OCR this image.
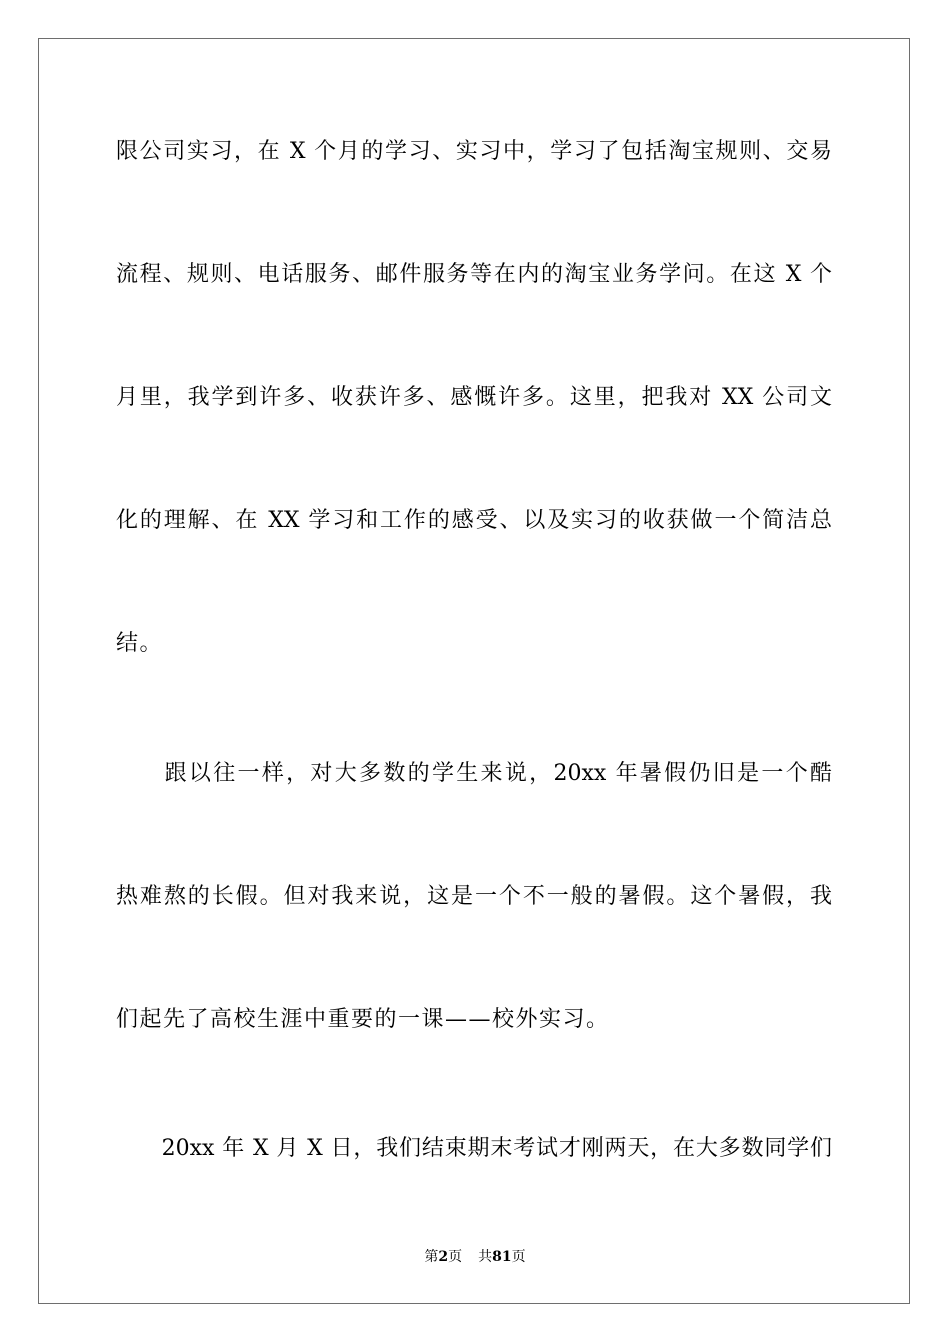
限公司实习，在 X 个月的学习、实习中，学习了包括淘宝规则、交易
流程、规则、电话服务、邮件服务等在内的淘宝业务学问。在这 X 个
月里，我学到许多、收获许多、感慨许多。这里，把我对 XX 公司文
化的理解、在 XX 学习和工作的感受、以及实习的收获做一个简洁总
结。
　　跟以往一样，对大多数的学生来说，20xx 年暑假仍旧是一个酷
热难熬的长假。但对我来说，这是一个不一般的暑假。这个暑假，我
们起先了高校生涯中重要的一课——校外实习。
　　20xx 年 X 月 X 日，我们结束期末考试才刚两天，在大多数同学们
第2页 共81页
